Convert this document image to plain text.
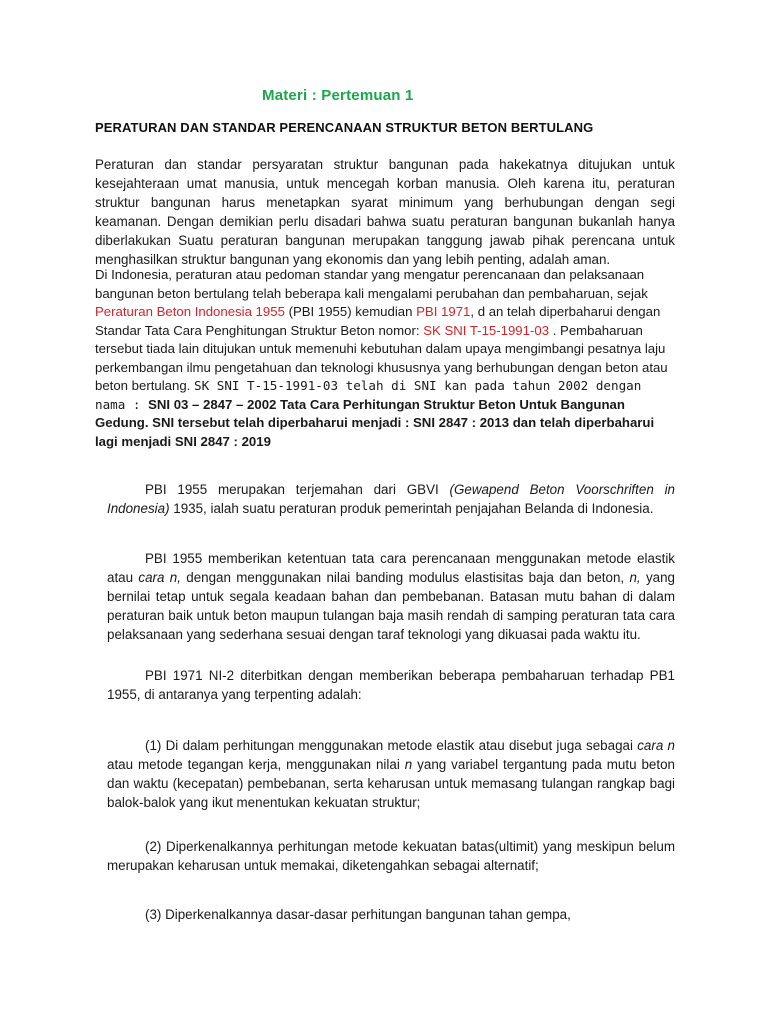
Materi : Pertemuan 1
PERATURAN DAN STANDAR PERENCANAAN STRUKTUR BETON BERTULANG

Peraturan dan standar persyaratan struktur bangunan pada hakekatnya ditujukan untuk kesejahteraan umat manusia, untuk mencegah korban manusia. Oleh karena itu, peraturan struktur bangunan harus menetapkan syarat minimum yang berhubungan dengan segi keamanan. Dengan demikian perlu disadari bahwa suatu peraturan bangunan bukanlah hanya diberlakukan Suatu peraturan bangunan merupakan tanggung jawab pihak perencana untuk menghasilkan struktur bangunan yang ekonomis dan yang lebih penting, adalah aman.

Di Indonesia, peraturan atau pedoman standar yang mengatur perencanaan dan pelaksanaan bangunan beton bertulang telah beberapa kali mengalami perubahan dan pembaharuan, sejak Peraturan Beton Indonesia 1955 (PBI 1955) kemudian PBI 1971, d an telah diperbaharui dengan Standar Tata Cara Penghitungan Struktur Beton nomor: SK SNI T-15-1991-03 . Pembaharuan tersebut tiada lain ditujukan untuk memenuhi kebutuhan dalam upaya mengimbangi pesatnya laju perkembangan ilmu pengetahuan dan teknologi khususnya yang berhubungan dengan beton atau beton bertulang. SK SNI T-15-1991-03 telah di SNI kan pada tahun 2002 dengan nama : SNI 03 – 2847 – 2002 Tata Cara Perhitungan Struktur Beton Untuk Bangunan Gedung. SNI tersebut telah diperbaharui menjadi : SNI 2847 : 2013 dan telah diperbaharui lagi menjadi SNI 2847 : 2019

PBI 1955 merupakan terjemahan dari GBVI (Gewapend Beton Voorschriften in Indonesia) 1935, ialah suatu peraturan produk pemerintah penjajahan Belanda di Indonesia.

PBI 1955 memberikan ketentuan tata cara perencanaan menggunakan metode elastik atau cara n, dengan menggunakan nilai banding modulus elastisitas baja dan beton, n, yang bernilai tetap untuk segala keadaan bahan dan pembebanan. Batasan mutu bahan di dalam peraturan baik untuk beton maupun tulangan baja masih rendah di samping peraturan tata cara pelaksanaan yang sederhana sesuai dengan taraf teknologi yang dikuasai pada waktu itu.

PBI 1971 NI-2 diterbitkan dengan memberikan beberapa pembaharuan terhadap PB1 1955, di antaranya yang terpenting adalah:

(1) Di dalam perhitungan menggunakan metode elastik atau disebut juga sebagai cara n atau metode tegangan kerja, menggunakan nilai n yang variabel tergantung pada mutu beton dan waktu (kecepatan) pembebanan, serta keharusan untuk memasang tulangan rangkap bagi balok-balok yang ikut menentukan kekuatan struktur;

(2) Diperkenalkannya perhitungan metode kekuatan batas(ultimit) yang meskipun belum merupakan keharusan untuk memakai, diketengahkan sebagai alternatif;

(3) Diperkenalkannya dasar-dasar perhitungan bangunan tahan gempa,
